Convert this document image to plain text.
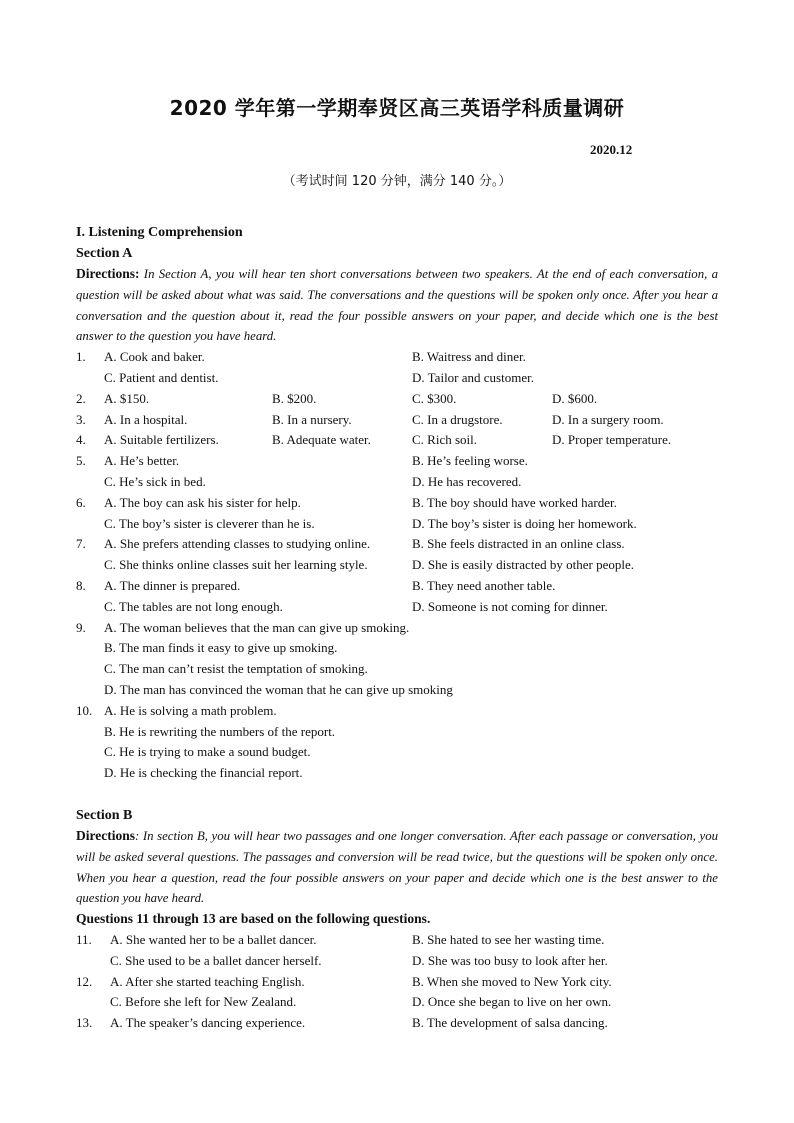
2020 学年第一学期奉贤区高三英语学科质量调研
2020.12
（考试时间 120 分钟，满分 140 分。）
I. Listening Comprehension
Section A
Directions: In Section A, you will hear ten short conversations between two speakers. At the end of each conversation, a question will be asked about what was said. The conversations and the questions will be spoken only once. After you hear a conversation and the question about it, read the four possible answers on your paper, and decide which one is the best answer to the question you have heard.
1. A. Cook and baker.	B. Waitress and diner.
C. Patient and dentist.	D. Tailor and customer.
2. A. $150.	B. $200.	C. $300.	D. $600.
3. A. In a hospital.	B. In a nursery.	C. In a drugstore.	D. In a surgery room.
4. A. Suitable fertilizers.	B. Adequate water.	C. Rich soil.	D. Proper temperature.
5. A. He’s better.	B. He’s feeling worse.
C. He’s sick in bed.	D. He has recovered.
6. A. The boy can ask his sister for help.	B. The boy should have worked harder.
C. The boy’s sister is cleverer than he is.	D. The boy’s sister is doing her homework.
7. A. She prefers attending classes to studying online.	B. She feels distracted in an online class.
C. She thinks online classes suit her learning style.	D. She is easily distracted by other people.
8. A. The dinner is prepared.	B. They need another table.
C. The tables are not long enough.	D. Someone is not coming for dinner.
9. A. The woman believes that the man can give up smoking.
B. The man finds it easy to give up smoking.
C. The man can’t resist the temptation of smoking.
D. The man has convinced the woman that he can give up smoking
10. A. He is solving a math problem.
B. He is rewriting the numbers of the report.
C. He is trying to make a sound budget.
D. He is checking the financial report.
Section B
Directions: In section B, you will hear two passages and one longer conversation. After each passage or conversation, you will be asked several questions. The passages and conversion will be read twice, but the questions will be spoken only once. When you hear a question, read the four possible answers on your paper and decide which one is the best answer to the question you have heard.
Questions 11 through 13 are based on the following questions.
11. A. She wanted her to be a ballet dancer.	B. She hated to see her wasting time.
C. She used to be a ballet dancer herself.	D. She was too busy to look after her.
12. A. After she started teaching English.	B. When she moved to New York city.
C. Before she left for New Zealand.	D. Once she began to live on her own.
13. A. The speaker’s dancing experience.	B. The development of salsa dancing.
